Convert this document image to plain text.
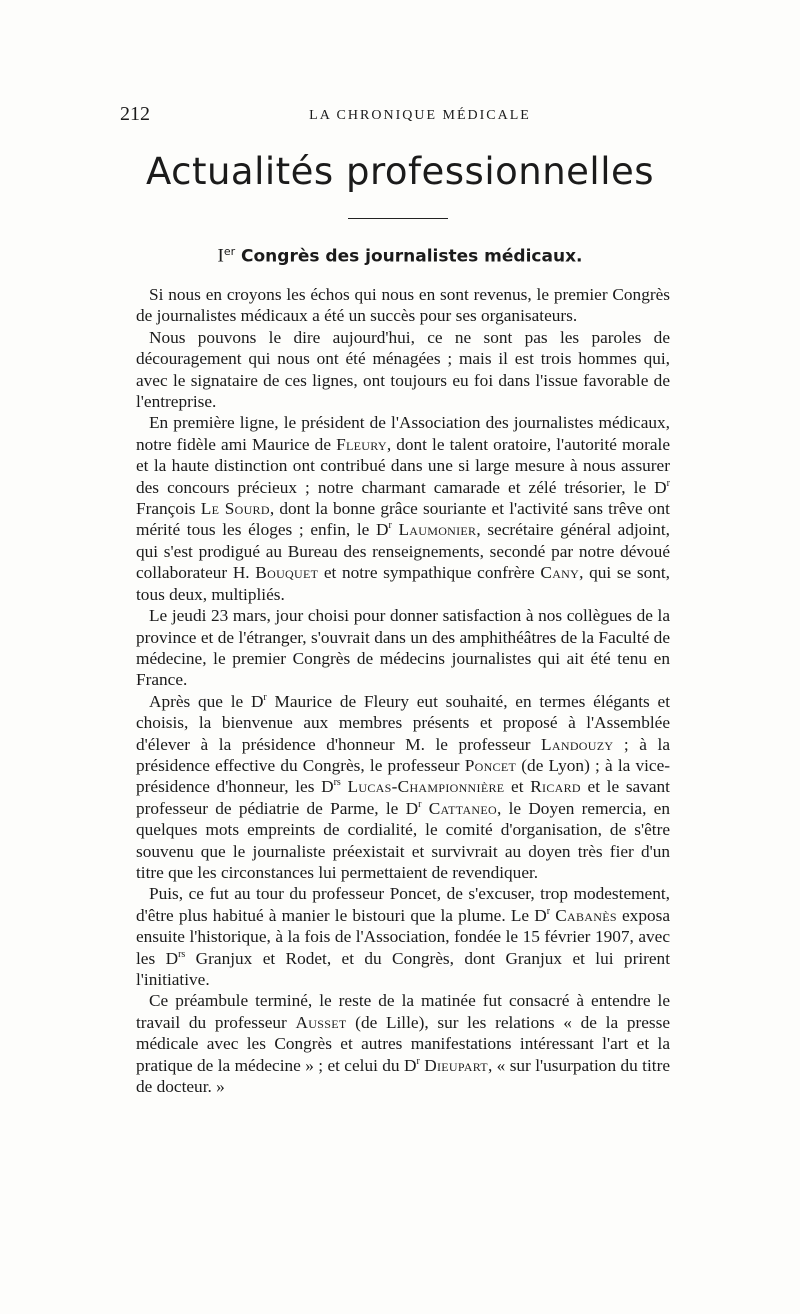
212	LA CHRONIQUE MÉDICALE
Actualités professionnelles
Ier Congrès des journalistes médicaux.

Si nous en croyons les échos qui nous en sont revenus, le premier Congrès de journalistes médicaux a été un succès pour ses organisateurs.

Nous pouvons le dire aujourd'hui, ce ne sont pas les paroles de découragement qui nous ont été ménagées ; mais il est trois hommes qui, avec le signataire de ces lignes, ont toujours eu foi dans l'issue favorable de l'entreprise.

En première ligne, le président de l'Association des journalistes médicaux, notre fidèle ami Maurice de Fleury, dont le talent oratoire, l'autorité morale et la haute distinction ont contribué dans une si large mesure à nous assurer des concours précieux ; notre charmant camarade et zélé trésorier, le $D^r$ François Le Sourd, dont la bonne grâce souriante et l'activité sans trêve ont mérité tous les éloges ; enfin, le $D^r$ Laumonier, secrétaire général adjoint, qui s'est prodigué au Bureau des renseignements, secondé par notre dévoué collaborateur H. Bouquet et notre sympathique confrère Cany, qui se sont, tous deux, multipliés.

Le jeudi 23 mars, jour choisi pour donner satisfaction à nos collègues de la province et de l'étranger, s'ouvrait dans un des amphithéâtres de la Faculté de médecine, le premier Congrès de médecins journalistes qui ait été tenu en France.

Après que le $D^r$ Maurice de Fleury eut souhaité, en termes élégants et choisis, la bienvenue aux membres présents et proposé à l'Assemblée d'élever à la présidence d'honneur M. le professeur Landouzy ; à la présidence effective du Congrès, le professeur Poncet (de Lyon) ; à la vice-présidence d'honneur, les $D^{rs}$ Lucas-Championnière et Ricard et le savant professeur de pédiatrie de Parme, le $D^r$ Cattaneo, le Doyen remercia, en quelques mots empreints de cordialité, le comité d'organisation, de s'être souvenu que le journaliste préexistait et survivrait au doyen très fier d'un titre que les circonstances lui permettaient de revendiquer.

Puis, ce fut au tour du professeur Poncet, de s'excuser, trop modestement, d'être plus habitué à manier le bistouri que la plume. Le $D^r$ Cabanès exposa ensuite l'historique, à la fois de l'Association, fondée le 15 février 1907, avec les $D^{rs}$ Granjux et Rodet, et du Congrès, dont Granjux et lui prirent l'initiative.

Ce préambule terminé, le reste de la matinée fut consacré à entendre le travail du professeur Ausset (de Lille), sur les relations « de la presse médicale avec les Congrès et autres manifestations intéressant l'art et la pratique de la médecine » ; et celui du $D^r$ Dieupart, « sur l'usurpation du titre de docteur. »
